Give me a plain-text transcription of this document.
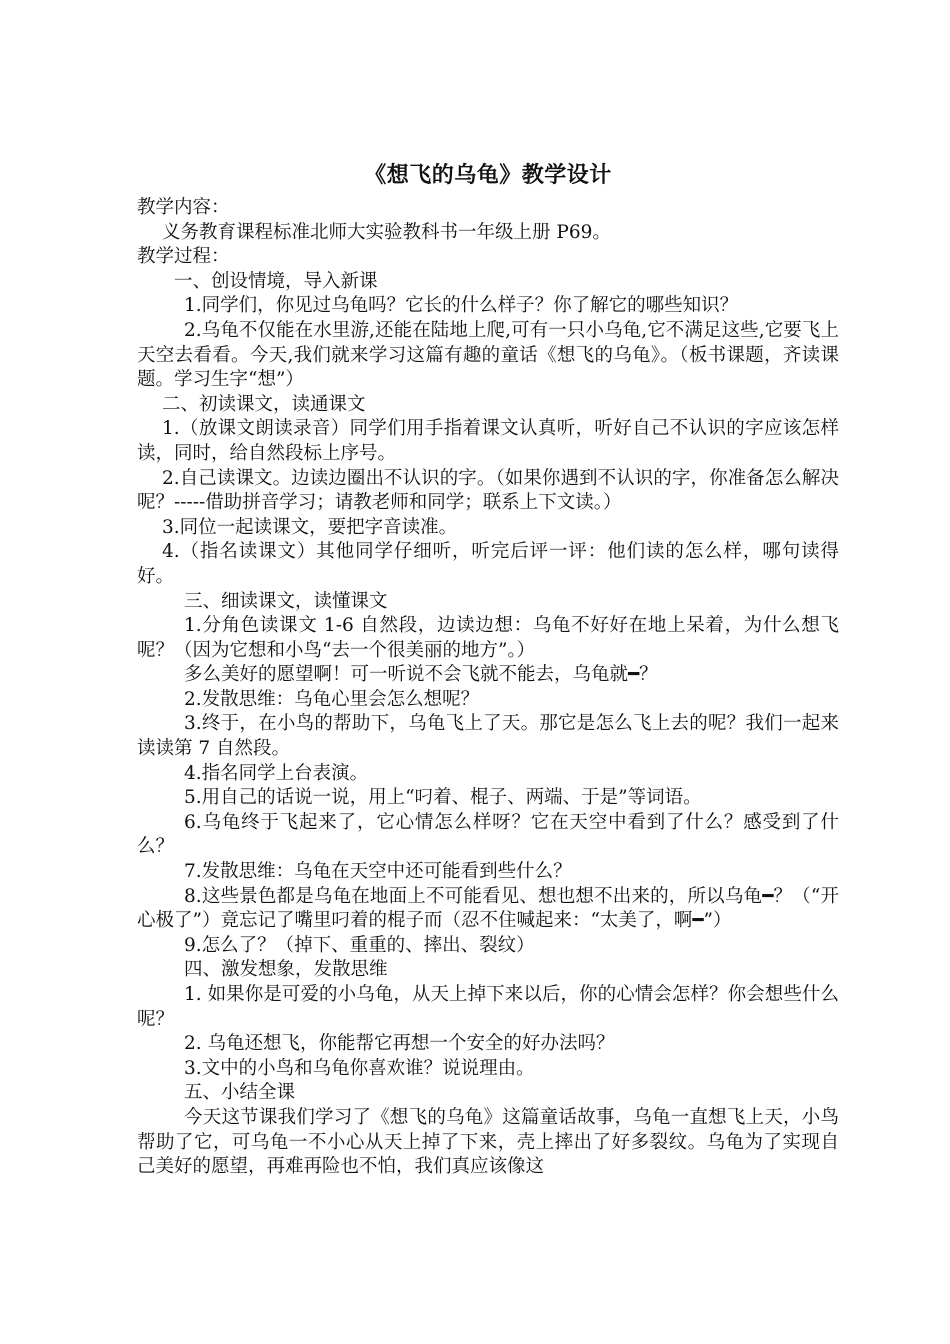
《想飞的乌龟》教学设计

教学内容：

义务教育课程标准北师大实验教科书一年级上册 P69。

教学过程：

一、创设情境，导入新课

1.同学们，你见过乌龟吗？它长的什么样子？你了解它的哪些知识？

2.乌龟不仅能在水里游,还能在陆地上爬,可有一只小乌龟,它不满足这些,它要飞上天空去看看。今天,我们就来学习这篇有趣的童话《想飞的乌龟》。（板书课题，齐读课题。学习生字“想”）

二、初读课文，读通课文

1.（放课文朗读录音）同学们用手指着课文认真听，听好自己不认识的字应该怎样读，同时，给自然段标上序号。

2.自己读课文。边读边圈出不认识的字。（如果你遇到不认识的字，你准备怎么解决呢？-----借助拼音学习；请教老师和同学；联系上下文读。）

3.同位一起读课文，要把字音读准。

4.（指名读课文）其他同学仔细听，听完后评一评：他们读的怎么样，哪句读得好。

三、细读课文，读懂课文

1.分角色读课文 1-6 自然段，边读边想：乌龟不好好在地上呆着，为什么想飞呢？（因为它想和小鸟“去一个很美丽的地方”。）

多么美好的愿望啊！可一听说不会飞就不能去，乌龟就━？

2.发散思维：乌龟心里会怎么想呢？

3.终于，在小鸟的帮助下，乌龟飞上了天。那它是怎么飞上去的呢？我们一起来读读第 7 自然段。

4.指名同学上台表演。

5.用自己的话说一说，用上“叼着、棍子、两端、于是”等词语。

6.乌龟终于飞起来了，它心情怎么样呀？它在天空中看到了什么？感受到了什么？

7.发散思维：乌龟在天空中还可能看到些什么？

8.这些景色都是乌龟在地面上不可能看见、想也想不出来的，所以乌龟━？（“开心极了”）竟忘记了嘴里叼着的棍子而（忍不住喊起来：“太美了，啊━”）

9.怎么了？（掉下、重重的、摔出、裂纹）

四、激发想象，发散思维

1. 如果你是可爱的小乌龟，从天上掉下来以后，你的心情会怎样？你会想些什么呢？

2. 乌龟还想飞，你能帮它再想一个安全的好办法吗？

3.文中的小鸟和乌龟你喜欢谁？说说理由。

五、小结全课

今天这节课我们学习了《想飞的乌龟》这篇童话故事，乌龟一直想飞上天，小鸟帮助了它，可乌龟一不小心从天上掉了下来，壳上摔出了好多裂纹。乌龟为了实现自己美好的愿望，再难再险也不怕，我们真应该像这
